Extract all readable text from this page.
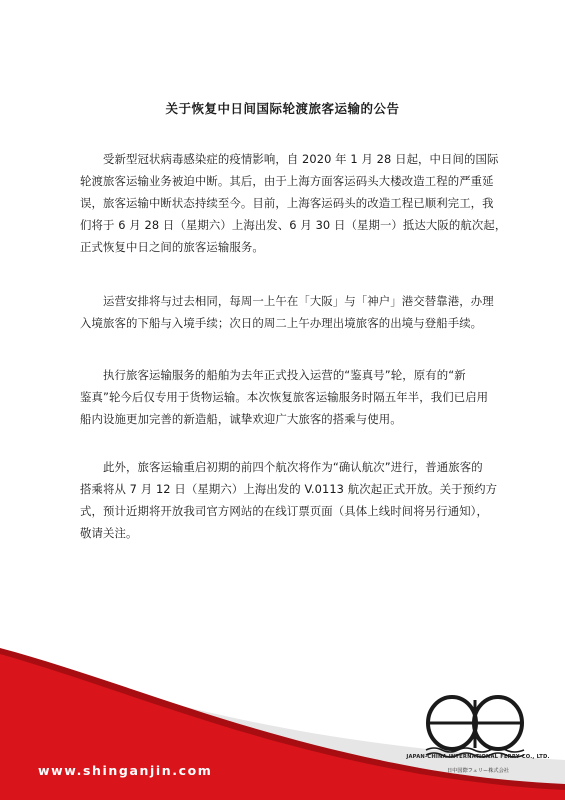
关于恢复中日间国际轮渡旅客运输的公告
受新型冠状病毒感染症的疫情影响，自 2020 年 1 月 28 日起，中日间的国际
轮渡旅客运输业务被迫中断。其后，由于上海方面客运码头大楼改造工程的严重延
误，旅客运输中断状态持续至今。目前，上海客运码头的改造工程已顺利完工，我
们将于 6 月 28 日（星期六）上海出发、6 月 30 日（星期一）抵达大阪的航次起，
正式恢复中日之间的旅客运输服务。
运营安排将与过去相同，每周一上午在「大阪」与「神户」港交替靠港，办理
入境旅客的下船与入境手续；次日的周二上午办理出境旅客的出境与登船手续。
执行旅客运输服务的船舶为去年正式投入运营的“鉴真号”轮，原有的“新
鉴真”轮今后仅专用于货物运输。本次恢复旅客运输服务时隔五年半，我们已启用
船内设施更加完善的新造船，诚挚欢迎广大旅客的搭乘与使用。
此外，旅客运输重启初期的前四个航次将作为“确认航次”进行，普通旅客的
搭乘将从 7 月 12 日（星期六）上海出发的 V.0113 航次起正式开放。关于预约方
式，预计近期将开放我司官方网站的在线订票页面（具体上线时间将另行通知），
敬请关注。
www.shinganjin.com
JAPAN-CHINA INTERNATIONAL FERRY CO., LTD.
日中国際フェリー株式会社
